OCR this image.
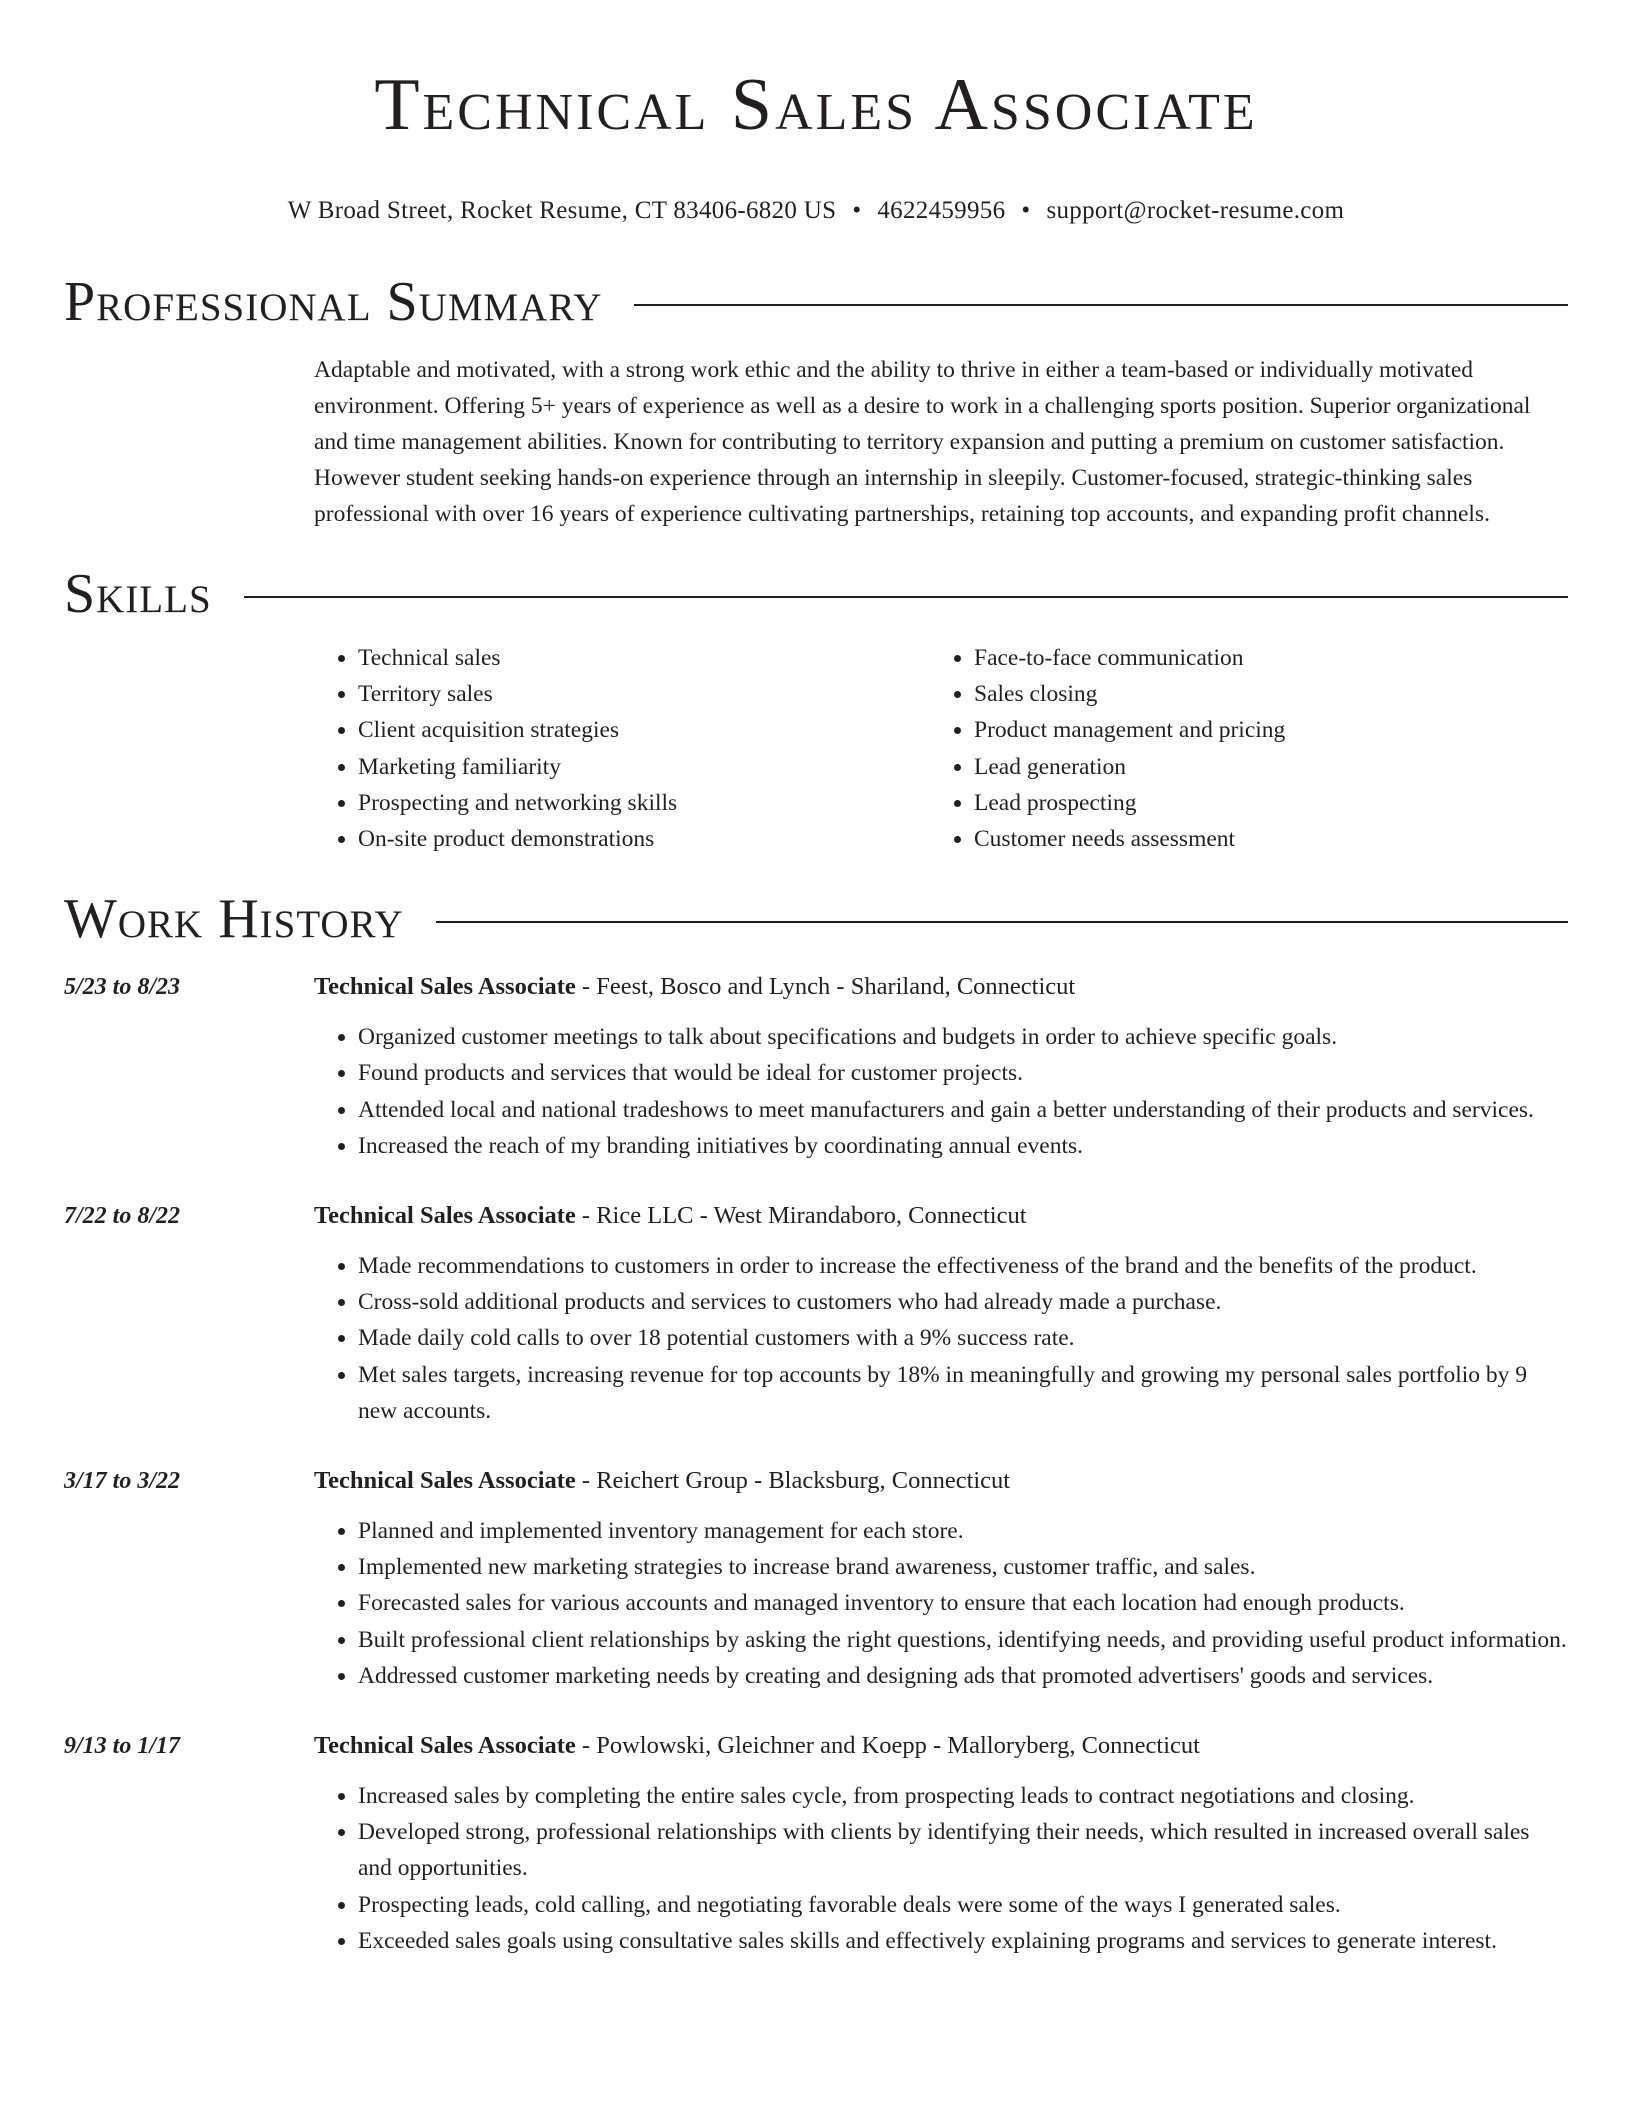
Technical Sales Associate
W Broad Street, Rocket Resume, CT 83406-6820 US • 4622459956 • support@rocket-resume.com
Professional Summary

Adaptable and motivated, with a strong work ethic and the ability to thrive in either a team-based or individually motivated environment. Offering 5+ years of experience as well as a desire to work in a challenging sports position. Superior organizational and time management abilities. Known for contributing to territory expansion and putting a premium on customer satisfaction. However student seeking hands-on experience through an internship in sleepily. Customer-focused, strategic-thinking sales professional with over 16 years of experience cultivating partnerships, retaining top accounts, and expanding profit channels.

Skills
• Technical sales
• Territory sales
• Client acquisition strategies
• Marketing familiarity
• Prospecting and networking skills
• On-site product demonstrations
• Face-to-face communication
• Sales closing
• Product management and pricing
• Lead generation
• Lead prospecting
• Customer needs assessment
Work History
5/23 to 8/23	Technical Sales Associate - Feest, Bosco and Lynch - Shariland, Connecticut
• Organized customer meetings to talk about specifications and budgets in order to achieve specific goals.
• Found products and services that would be ideal for customer projects.
• Attended local and national tradeshows to meet manufacturers and gain a better understanding of their products and services.
• Increased the reach of my branding initiatives by coordinating annual events.
7/22 to 8/22	Technical Sales Associate - Rice LLC - West Mirandaboro, Connecticut
• Made recommendations to customers in order to increase the effectiveness of the brand and the benefits of the product.
• Cross-sold additional products and services to customers who had already made a purchase.
• Made daily cold calls to over 18 potential customers with a 9% success rate.
• Met sales targets, increasing revenue for top accounts by 18% in meaningfully and growing my personal sales portfolio by 9 new accounts.
3/17 to 3/22	Technical Sales Associate - Reichert Group - Blacksburg, Connecticut
• Planned and implemented inventory management for each store.
• Implemented new marketing strategies to increase brand awareness, customer traffic, and sales.
• Forecasted sales for various accounts and managed inventory to ensure that each location had enough products.
• Built professional client relationships by asking the right questions, identifying needs, and providing useful product information.
• Addressed customer marketing needs by creating and designing ads that promoted advertisers' goods and services.
9/13 to 1/17	Technical Sales Associate - Powlowski, Gleichner and Koepp - Malloryberg, Connecticut
• Increased sales by completing the entire sales cycle, from prospecting leads to contract negotiations and closing.
• Developed strong, professional relationships with clients by identifying their needs, which resulted in increased overall sales and opportunities.
• Prospecting leads, cold calling, and negotiating favorable deals were some of the ways I generated sales.
• Exceeded sales goals using consultative sales skills and effectively explaining programs and services to generate interest.
